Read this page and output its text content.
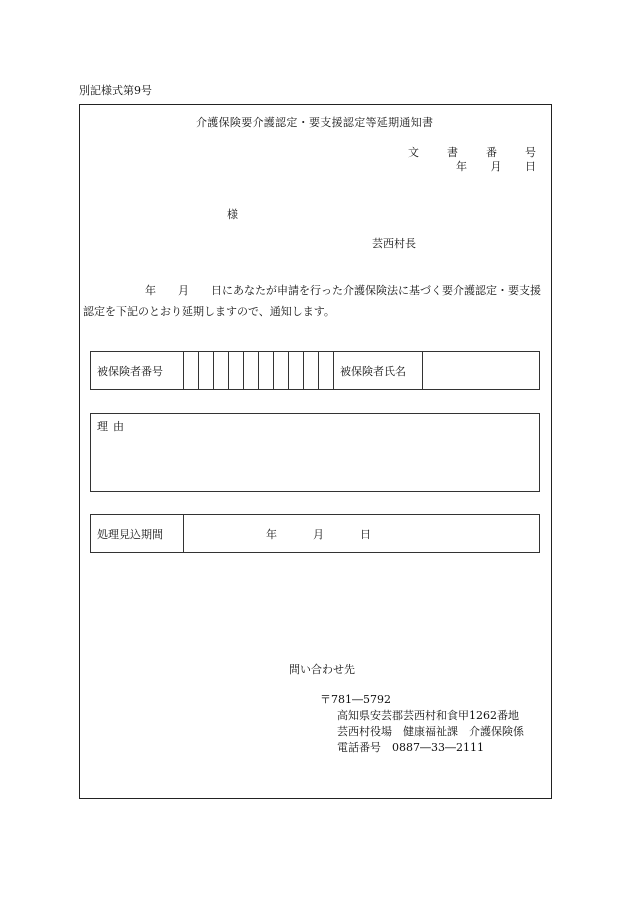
別記様式第9号
介護保険要介護認定・要支援認定等延期通知書
文	書	番	号
年 月 日
様
芸西村長
年 月 日にあなたが申請を行った介護保険法に基づく要介護認定・要支援認定を下記のとおり延期しますので、通知します。
被保険者番号											被保険者氏名	
理由
処理見込期間	年	月	日
問い合わせ先
〒781―5792
高知県安芸郡芸西村和食甲1262番地
芸西村役場　健康福祉課　介護保険係
電話番号　0887―33―2111
